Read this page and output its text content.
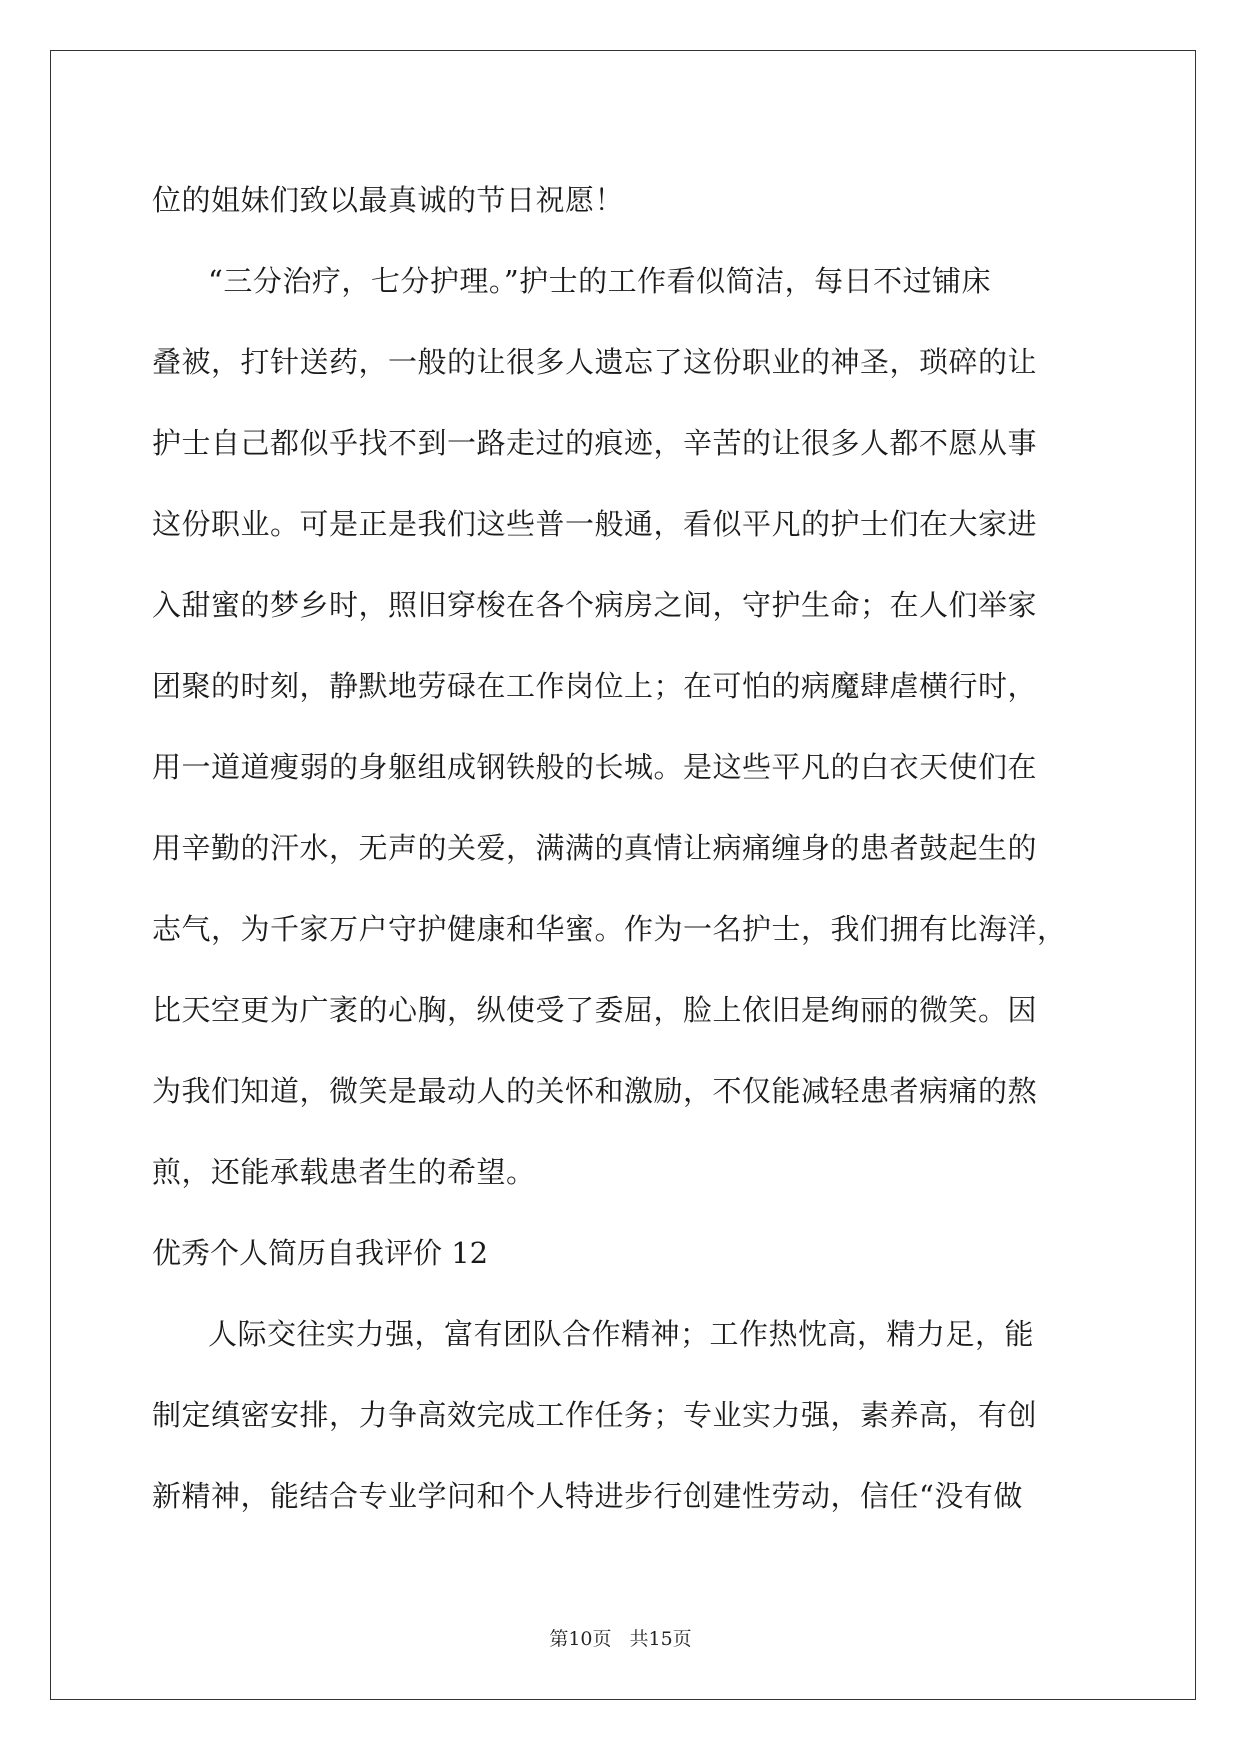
位的姐妹们致以最真诚的节日祝愿！
“三分治疗，七分护理。”护士的工作看似简洁，每日不过铺床
叠被，打针送药，一般的让很多人遗忘了这份职业的神圣，琐碎的让
护士自己都似乎找不到一路走过的痕迹，辛苦的让很多人都不愿从事
这份职业。可是正是我们这些普一般通，看似平凡的护士们在大家进
入甜蜜的梦乡时，照旧穿梭在各个病房之间，守护生命；在人们举家
团聚的时刻，静默地劳碌在工作岗位上；在可怕的病魔肆虐横行时，
用一道道瘦弱的身躯组成钢铁般的长城。是这些平凡的白衣天使们在
用辛勤的汗水，无声的关爱，满满的真情让病痛缠身的患者鼓起生的
志气，为千家万户守护健康和华蜜。作为一名护士，我们拥有比海洋，
比天空更为广袤的心胸，纵使受了委屈，脸上依旧是绚丽的微笑。因
为我们知道，微笑是最动人的关怀和激励，不仅能减轻患者病痛的熬
煎，还能承载患者生的希望。
优秀个人简历自我评价 12
人际交往实力强，富有团队合作精神；工作热忱高，精力足，能
制定缜密安排，力争高效完成工作任务；专业实力强，素养高，有创
新精神，能结合专业学问和个人特进步行创建性劳动，信任“没有做
第10页 共15页
